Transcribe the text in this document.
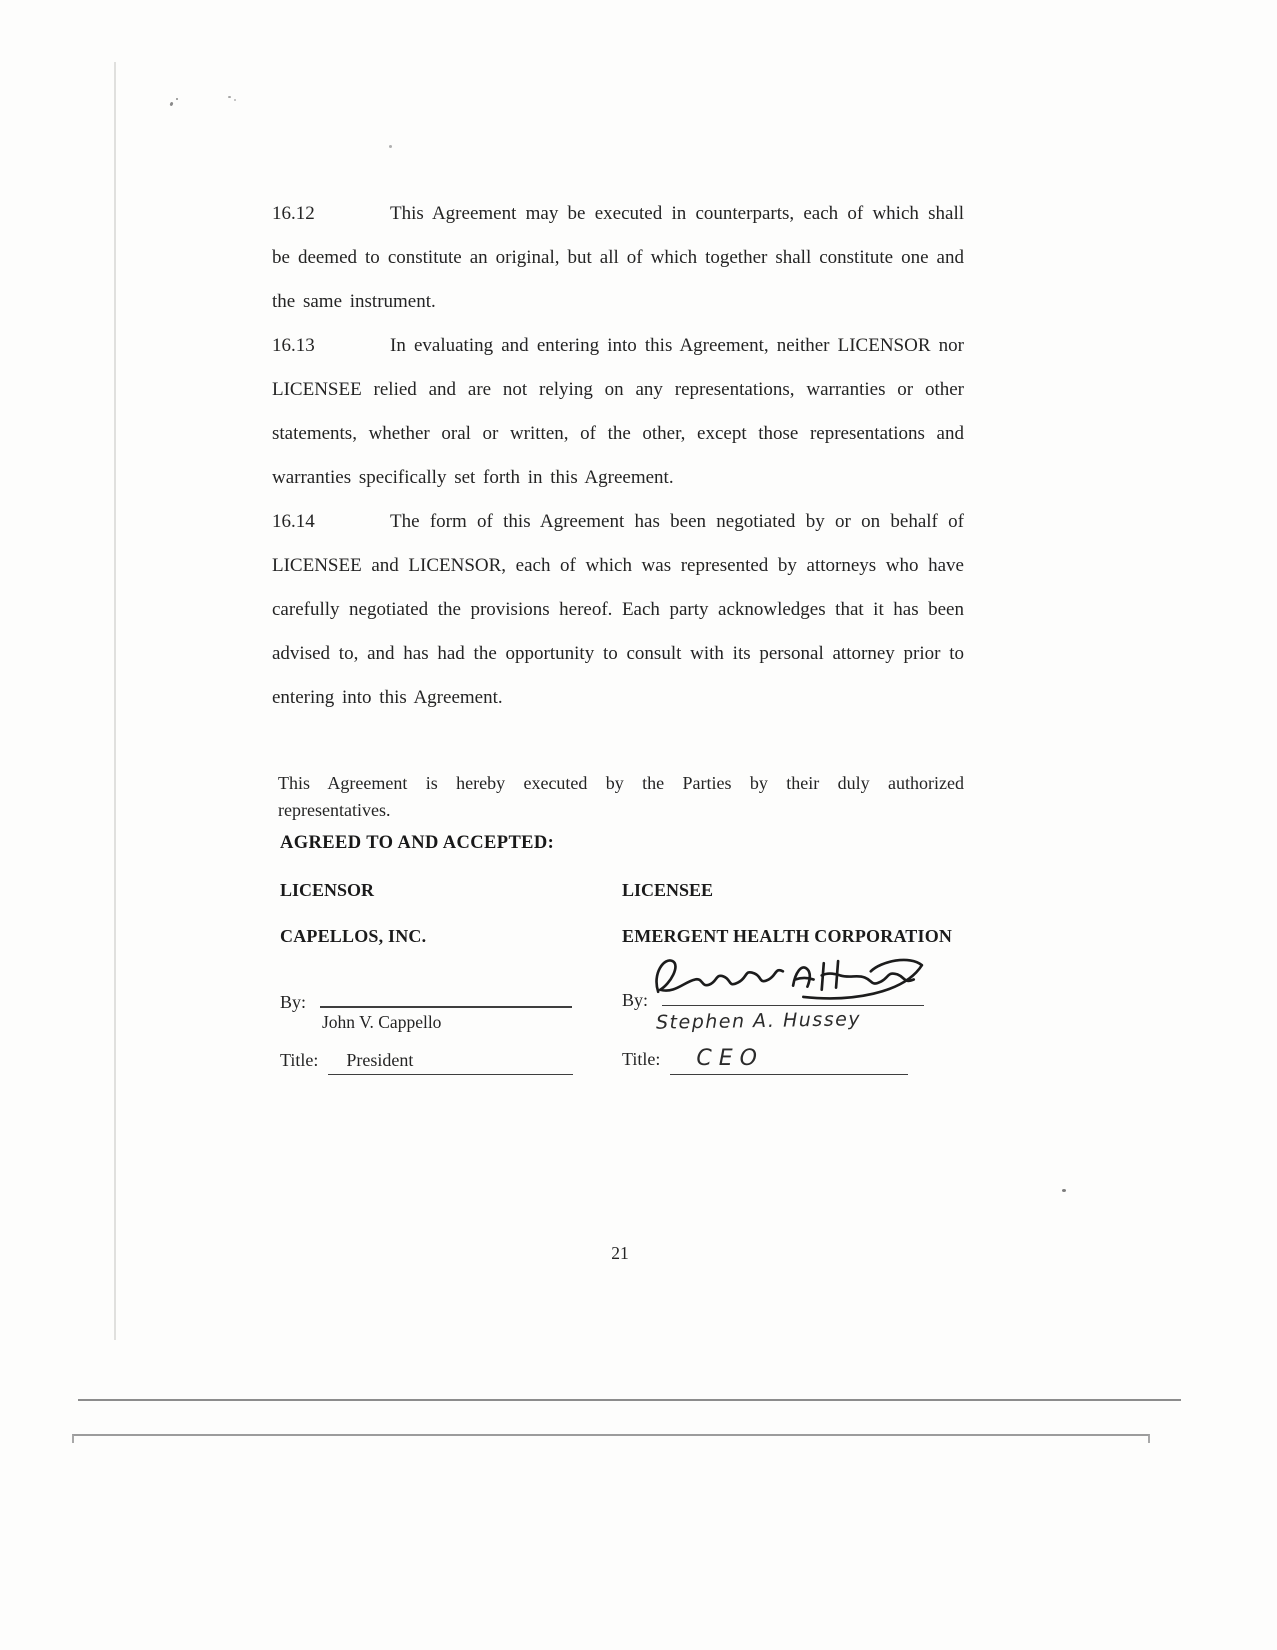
16.12	This Agreement may be executed in counterparts, each of which shall be deemed to constitute an original, but all of which together shall constitute one and the same instrument.

16.13	In evaluating and entering into this Agreement, neither LICENSOR nor LICENSEE relied and are not relying on any representations, warranties or other statements, whether oral or written, of the other, except those representations and warranties specifically set forth in this Agreement.

16.14	The form of this Agreement has been negotiated by or on behalf of LICENSEE and LICENSOR, each of which was represented by attorneys who have carefully negotiated the provisions hereof. Each party acknowledges that it has been advised to, and has had the opportunity to consult with its personal attorney prior to entering into this Agreement.

This Agreement is hereby executed by the Parties by their duly authorized representatives.

AGREED TO AND ACCEPTED:
LICENSOR
CAPELLOS, INC.
By:
John V. Cappello
Title: President
LICENSEE
EMERGENT HEALTH CORPORATION
By:
Stephen A. Hussey
Title: CEO
21
